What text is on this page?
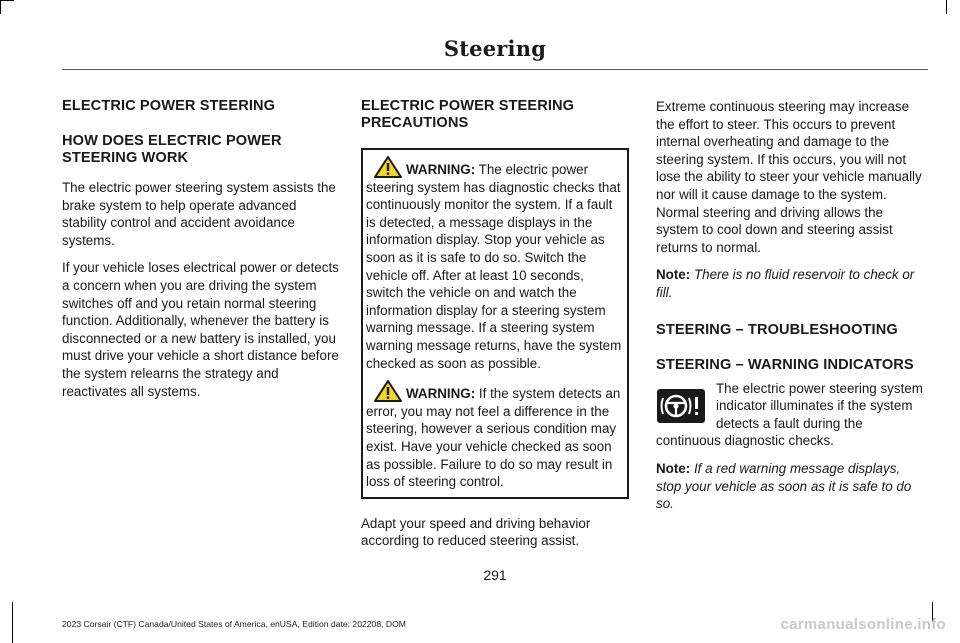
Steering
ELECTRIC POWER STEERING
HOW DOES ELECTRIC POWER STEERING WORK

The electric power steering system assists the brake system to help operate advanced stability control and accident avoidance systems.

If your vehicle loses electrical power or detects a concern when you are driving the system switches off and you retain normal steering function. Additionally, whenever the battery is disconnected or a new battery is installed, you must drive your vehicle a short distance before the system relearns the strategy and reactivates all systems.

ELECTRIC POWER STEERING PRECAUTIONS

WARNING: The electric power steering system has diagnostic checks that continuously monitor the system. If a fault is detected, a message displays in the information display. Stop your vehicle as soon as it is safe to do so. Switch the vehicle off. After at least 10 seconds, switch the vehicle on and watch the information display for a steering system warning message. If a steering system warning message returns, have the system checked as soon as possible.

WARNING: If the system detects an error, you may not feel a difference in the steering, however a serious condition may exist. Have your vehicle checked as soon as possible. Failure to do so may result in loss of steering control.

Adapt your speed and driving behavior according to reduced steering assist.

Extreme continuous steering may increase the effort to steer. This occurs to prevent internal overheating and damage to the steering system. If this occurs, you will not lose the ability to steer your vehicle manually nor will it cause damage to the system. Normal steering and driving allows the system to cool down and steering assist returns to normal.

Note: There is no fluid reservoir to check or fill.

STEERING – TROUBLESHOOTING
STEERING – WARNING INDICATORS

The electric power steering system indicator illuminates if the system detects a fault during the continuous diagnostic checks.

Note: If a red warning message displays, stop your vehicle as soon as it is safe to do so.

291
2023 Corsair (CTF) Canada/United States of America, enUSA, Edition date: 202208, DOM	carmanualsonline.info
